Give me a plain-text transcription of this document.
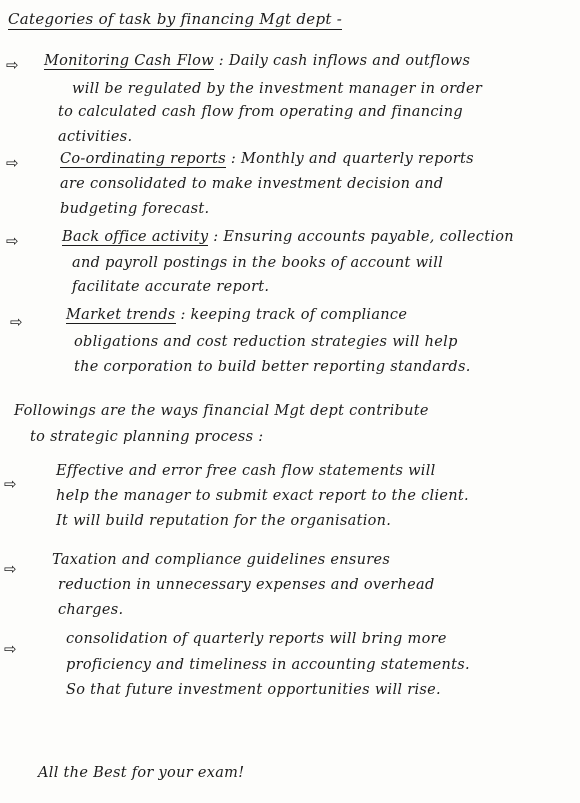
Categories of task by financing Mgt dept -
⇨ Monitoring Cash Flow : Daily cash inflows and outflows
will be regulated by the investment manager in order
to calculated cash flow from operating and financing
activities.
⇨	Co-ordinating reports : Monthly and quarterly reports
are consolidated to make investment decision and
budgeting forecast.
⇨	Back office activity : Ensuring accounts payable, collection
and payroll postings in the books of account will
facilitate accurate report.
⇨	Market trends : keeping track of compliance
obligations and cost reduction strategies will help
the corporation to build better reporting standards.
Followings are the ways financial Mgt dept contribute
to strategic planning process :
⇨
Effective and error free cash flow statements will
help the manager to submit exact report to the client.
It will build reputation for the organisation.
⇨ Taxation and compliance guidelines ensures
reduction in unnecessary expenses and overhead
charges.
⇨
consolidation of quarterly reports will bring more
proficiency and timeliness in accounting statements.
So that future investment opportunities will rise.
All the Best for your exam!
